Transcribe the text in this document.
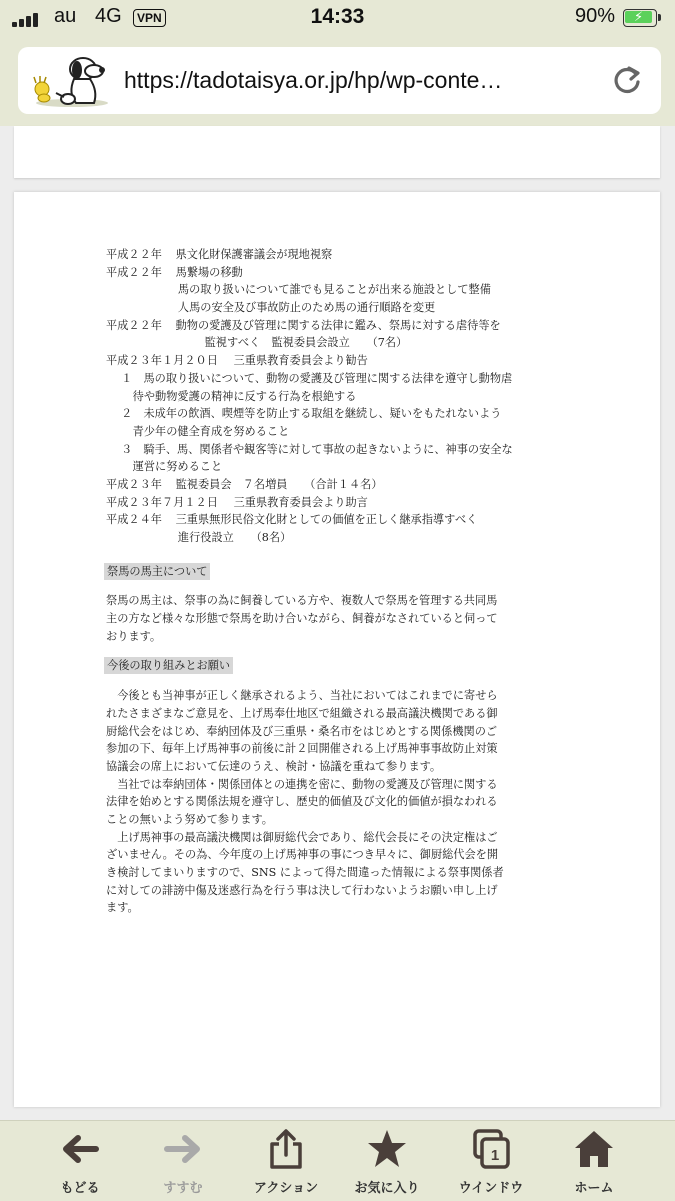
au 4G	VPN	14:33	90% ⚡
https://tadotaisya.or.jp/hp/wp-conte…
平成２２年 県文化財保護審議会が現地視察
平成２２年 馬繋場の移動
馬の取り扱いについて誰でも見ることが出来る施設として整備
人馬の安全及び事故防止のため馬の通行順路を変更
平成２２年 動物の愛護及び管理に関する法律に鑑み、祭馬に対する虐待等を
監視すべく　監視委員会設立　　（7名）
平成２３年１月２０日 三重県教育委員会より勧告
１　馬の取り扱いについて、動物の愛護及び管理に関する法律を遵守し動物虐
待や動物愛護の精神に反する行為を根絶する
２　未成年の飲酒、喫煙等を防止する取組を継続し、疑いをもたれないよう
青少年の健全育成を努めること
３　騎手、馬、関係者や観客等に対して事故の起きないように、神事の安全な
運営に努めること
平成２３年 監視委員会　７名増員　　（合計１４名）
平成２３年７月１２日 三重県教育委員会より助言
平成２４年 三重県無形民俗文化財としての価値を正しく継承指導すべく
進行役設立　　（8名）
祭馬の馬主について
祭馬の馬主は、祭事の為に飼養している方や、複数人で祭馬を管理する共同馬
主の方など様々な形態で祭馬を助け合いながら、飼養がなされていると伺って
おります。
今後の取り組みとお願い
　今後とも当神事が正しく継承されるよう、当社においてはこれまでに寄せら
れたさまざまなご意見を、上げ馬奉仕地区で組織される最高議決機関である御
厨総代会をはじめ、奉納団体及び三重県・桑名市をはじめとする関係機関のご
参加の下、毎年上げ馬神事の前後に計２回開催される上げ馬神事事故防止対策
協議会の席上において伝達のうえ、検討・協議を重ねて参ります。
　当社では奉納団体・関係団体との連携を密に、動物の愛護及び管理に関する
法律を始めとする関係法規を遵守し、歴史的価値及び文化的価値が損なわれる
ことの無いよう努めて参ります。
　上げ馬神事の最高議決機関は御厨総代会であり、総代会長にその決定権はご
ざいません。その為、今年度の上げ馬神事の事につき早々に、御厨総代会を開
き検討してまいりますので、SNS によって得た間違った情報による祭事関係者
に対しての誹謗中傷及迷惑行為を行う事は決して行わないようお願い申し上げ
ます。
もどる	すすむ	アクション	お気に入り
1
ウインドウ	ホーム
